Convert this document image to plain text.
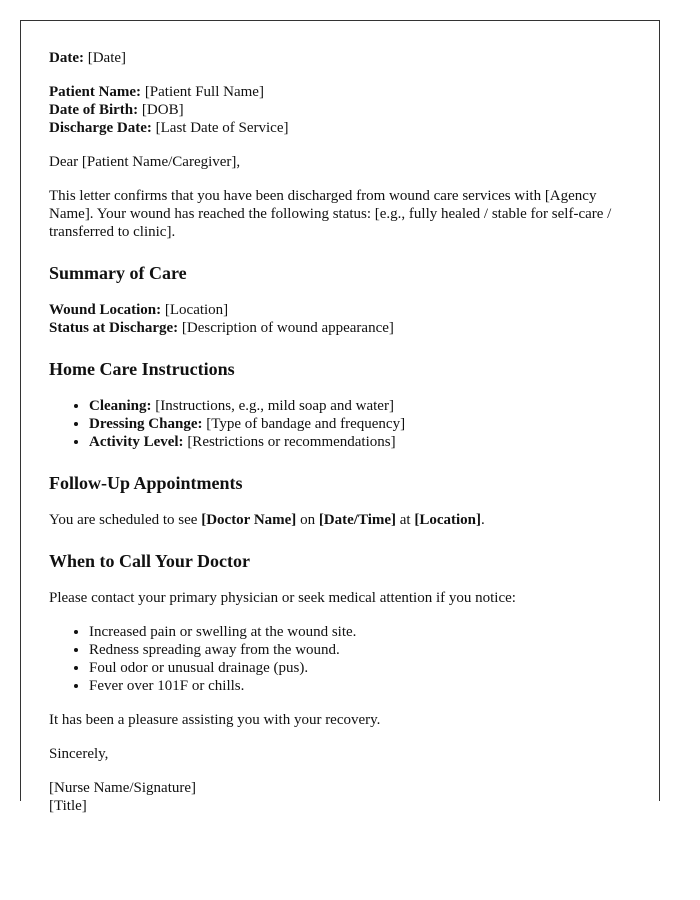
Date: [Date]

Patient Name: [Patient Full Name]
Date of Birth: [DOB]
Discharge Date: [Last Date of Service]

Dear [Patient Name/Caregiver],

This letter confirms that you have been discharged from wound care services with [Agency Name]. Your wound has reached the following status: [e.g., fully healed / stable for self-care / transferred to clinic].

Summary of Care
Wound Location: [Location]
Status at Discharge: [Description of wound appearance]
Home Care Instructions
• Cleaning: [Instructions, e.g., mild soap and water]
• Dressing Change: [Type of bandage and frequency]
• Activity Level: [Restrictions or recommendations]
Follow-Up Appointments

You are scheduled to see [Doctor Name] on [Date/Time] at [Location].

When to Call Your Doctor

Please contact your primary physician or seek medical attention if you notice:

• Increased pain or swelling at the wound site.
• Redness spreading away from the wound.
• Foul odor or unusual drainage (pus).
• Fever over 101F or chills.

It has been a pleasure assisting you with your recovery.

Sincerely,

[Nurse Name/Signature]
[Title]
